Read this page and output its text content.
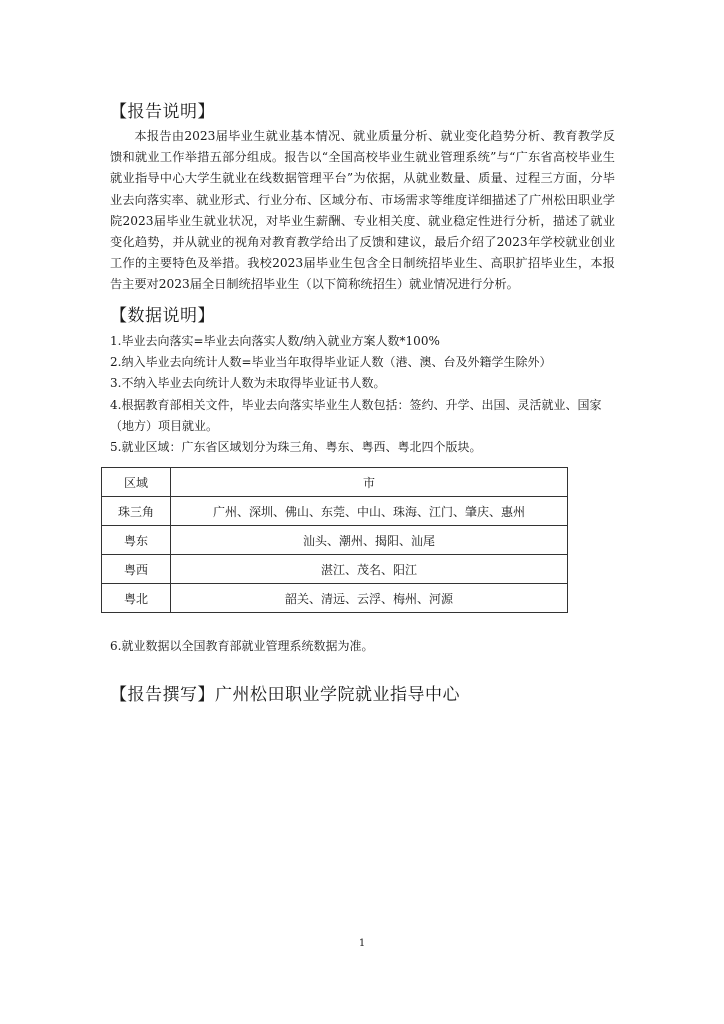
【报告说明】

本报告由2023届毕业生就业基本情况、就业质量分析、就业变化趋势分析、教育教学反馈和就业工作举措五部分组成。报告以“全国高校毕业生就业管理系统”与“广东省高校毕业生就业指导中心大学生就业在线数据管理平台”为依据，从就业数量、质量、过程三方面，分毕业去向落实率、就业形式、行业分布、区域分布、市场需求等维度详细描述了广州松田职业学院2023届毕业生就业状况，对毕业生薪酬、专业相关度、就业稳定性进行分析，描述了就业变化趋势，并从就业的视角对教育教学给出了反馈和建议，最后介绍了2023年学校就业创业工作的主要特色及举措。我校2023届毕业生包含全日制统招毕业生、高职扩招毕业生，本报告主要对2023届全日制统招毕业生（以下简称统招生）就业情况进行分析。

【数据说明】
1.毕业去向落实=毕业去向落实人数/纳入就业方案人数*100%
2.纳入毕业去向统计人数=毕业当年取得毕业证人数（港、澳、台及外籍学生除外）
3.不纳入毕业去向统计人数为未取得毕业证书人数。
4.根据教育部相关文件，毕业去向落实毕业生人数包括：签约、升学、出国、灵活就业、国家（地方）项目就业。
5.就业区域：广东省区域划分为珠三角、粤东、粤西、粤北四个版块。
区域	市
珠三角	广州、深圳、佛山、东莞、中山、珠海、江门、肇庆、惠州
粤东	汕头、潮州、揭阳、汕尾
粤西	湛江、茂名、阳江
粤北	韶关、清远、云浮、梅州、河源

6.就业数据以全国教育部就业管理系统数据为准。

【报告撰写】广州松田职业学院就业指导中心

1
